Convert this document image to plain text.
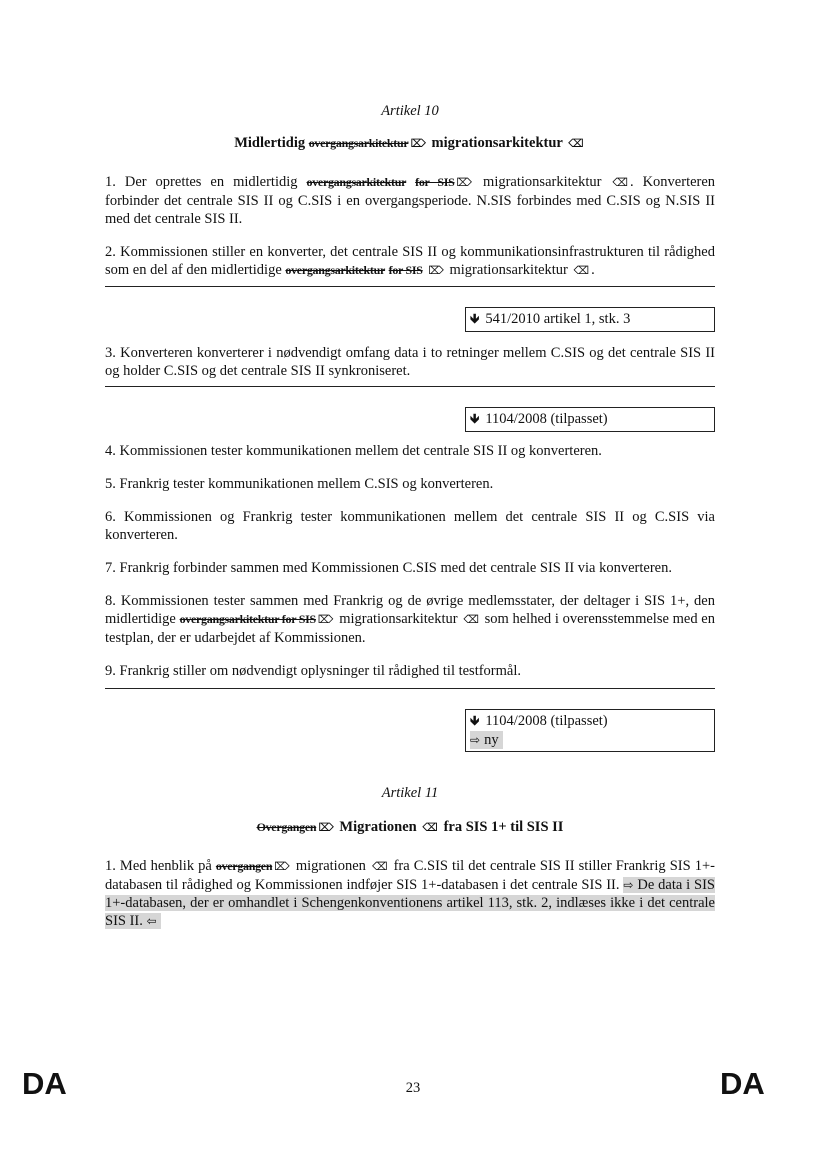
Artikel 10
Midlertidig overgangsarkitektur ⌦ migrationsarkitektur ⌫

1. Der oprettes en midlertidig overgangsarkitektur for SIS ⌦ migrationsarkitektur ⌫ . Konverteren forbinder det centrale SIS II og C.SIS i en overgangsperiode. N.SIS forbindes med C.SIS og N.SIS II med det centrale SIS II.

2. Kommissionen stiller en konverter, det centrale SIS II og kommunikationsinfrastrukturen til rådighed som en del af den midlertidige overgangsarkitektur for SIS ⌦ migrationsarkitektur ⌫ .

🡻 541/2010 artikel 1, stk. 3

3. Konverteren konverterer i nødvendigt omfang data i to retninger mellem C.SIS og det centrale SIS II og holder C.SIS og det centrale SIS II synkroniseret.

🡻 1104/2008 (tilpasset)

4. Kommissionen tester kommunikationen mellem det centrale SIS II og konverteren.

5. Frankrig tester kommunikationen mellem C.SIS og konverteren.

6. Kommissionen og Frankrig tester kommunikationen mellem det centrale SIS II og C.SIS via konverteren.

7. Frankrig forbinder sammen med Kommissionen C.SIS med det centrale SIS II via konverteren.

8. Kommissionen tester sammen med Frankrig og de øvrige medlemsstater, der deltager i SIS 1+, den midlertidige overgangsarkitektur for SIS ⌦ migrationsarkitektur ⌫ som helhed i overensstemmelse med en testplan, der er udarbejdet af Kommissionen.

9. Frankrig stiller om nødvendigt oplysninger til rådighed til testformål.

🡻 1104/2008 (tilpasset)
⇨ ny
Artikel 11
Overgangen ⌦ Migrationen ⌫ fra SIS 1+ til SIS II

1. Med henblik på overgangen ⌦ migrationen ⌫ fra C.SIS til det centrale SIS II stiller Frankrig SIS 1+-databasen til rådighed og Kommissionen indføjer SIS 1+-databasen i det centrale SIS II. ⇨ De data i SIS 1+-databasen, der er omhandlet i Schengenkonventionens artikel 113, stk. 2, indlæses ikke i det centrale SIS II. ⇦

DA	23	DA
